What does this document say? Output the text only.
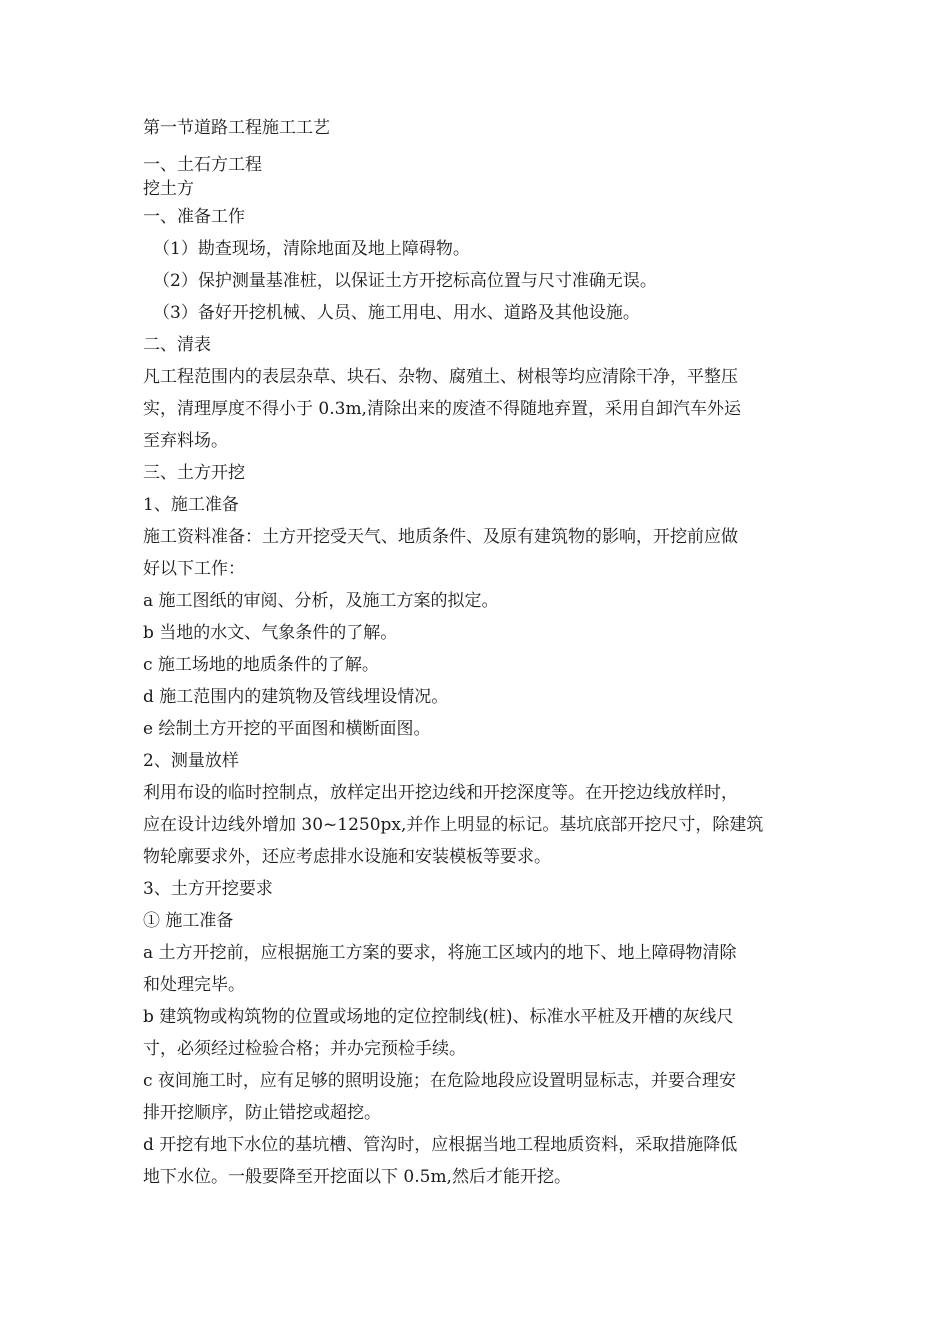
第一节道路工程施工工艺

一、土石方工程

挖土方

一、准备工作

（1）勘查现场，清除地面及地上障碍物。

（2）保护测量基准桩，以保证土方开挖标高位置与尺寸准确无误。

（3）备好开挖机械、人员、施工用电、用水、道路及其他设施。

二、清表

凡工程范围内的表层杂草、块石、杂物、腐殖土、树根等均应清除干净，平整压

实，清理厚度不得小于 0.3m,清除出来的废渣不得随地弃置，采用自卸汽车外运

至弃料场。

三、土方开挖

1、施工准备

施工资料准备：土方开挖受天气、地质条件、及原有建筑物的影响，开挖前应做

好以下工作：

a 施工图纸的审阅、分析，及施工方案的拟定。

b 当地的水文、气象条件的了解。

c 施工场地的地质条件的了解。

d 施工范围内的建筑物及管线埋设情况。

e 绘制土方开挖的平面图和横断面图。

2、测量放样

利用布设的临时控制点，放样定出开挖边线和开挖深度等。在开挖边线放样时，

应在设计边线外增加 30~1250px,并作上明显的标记。基坑底部开挖尺寸，除建筑

物轮廓要求外，还应考虑排水设施和安装模板等要求。

3、土方开挖要求

① 施工准备

a 土方开挖前，应根据施工方案的要求，将施工区域内的地下、地上障碍物清除

和处理完毕。

b 建筑物或构筑物的位置或场地的定位控制线(桩)、标准水平桩及开槽的灰线尺

寸，必须经过检验合格；并办完预检手续。

c 夜间施工时，应有足够的照明设施；在危险地段应设置明显标志，并要合理安

排开挖顺序，防止错挖或超挖。

d 开挖有地下水位的基坑槽、管沟时，应根据当地工程地质资料，采取措施降低

地下水位。一般要降至开挖面以下 0.5m,然后才能开挖。
